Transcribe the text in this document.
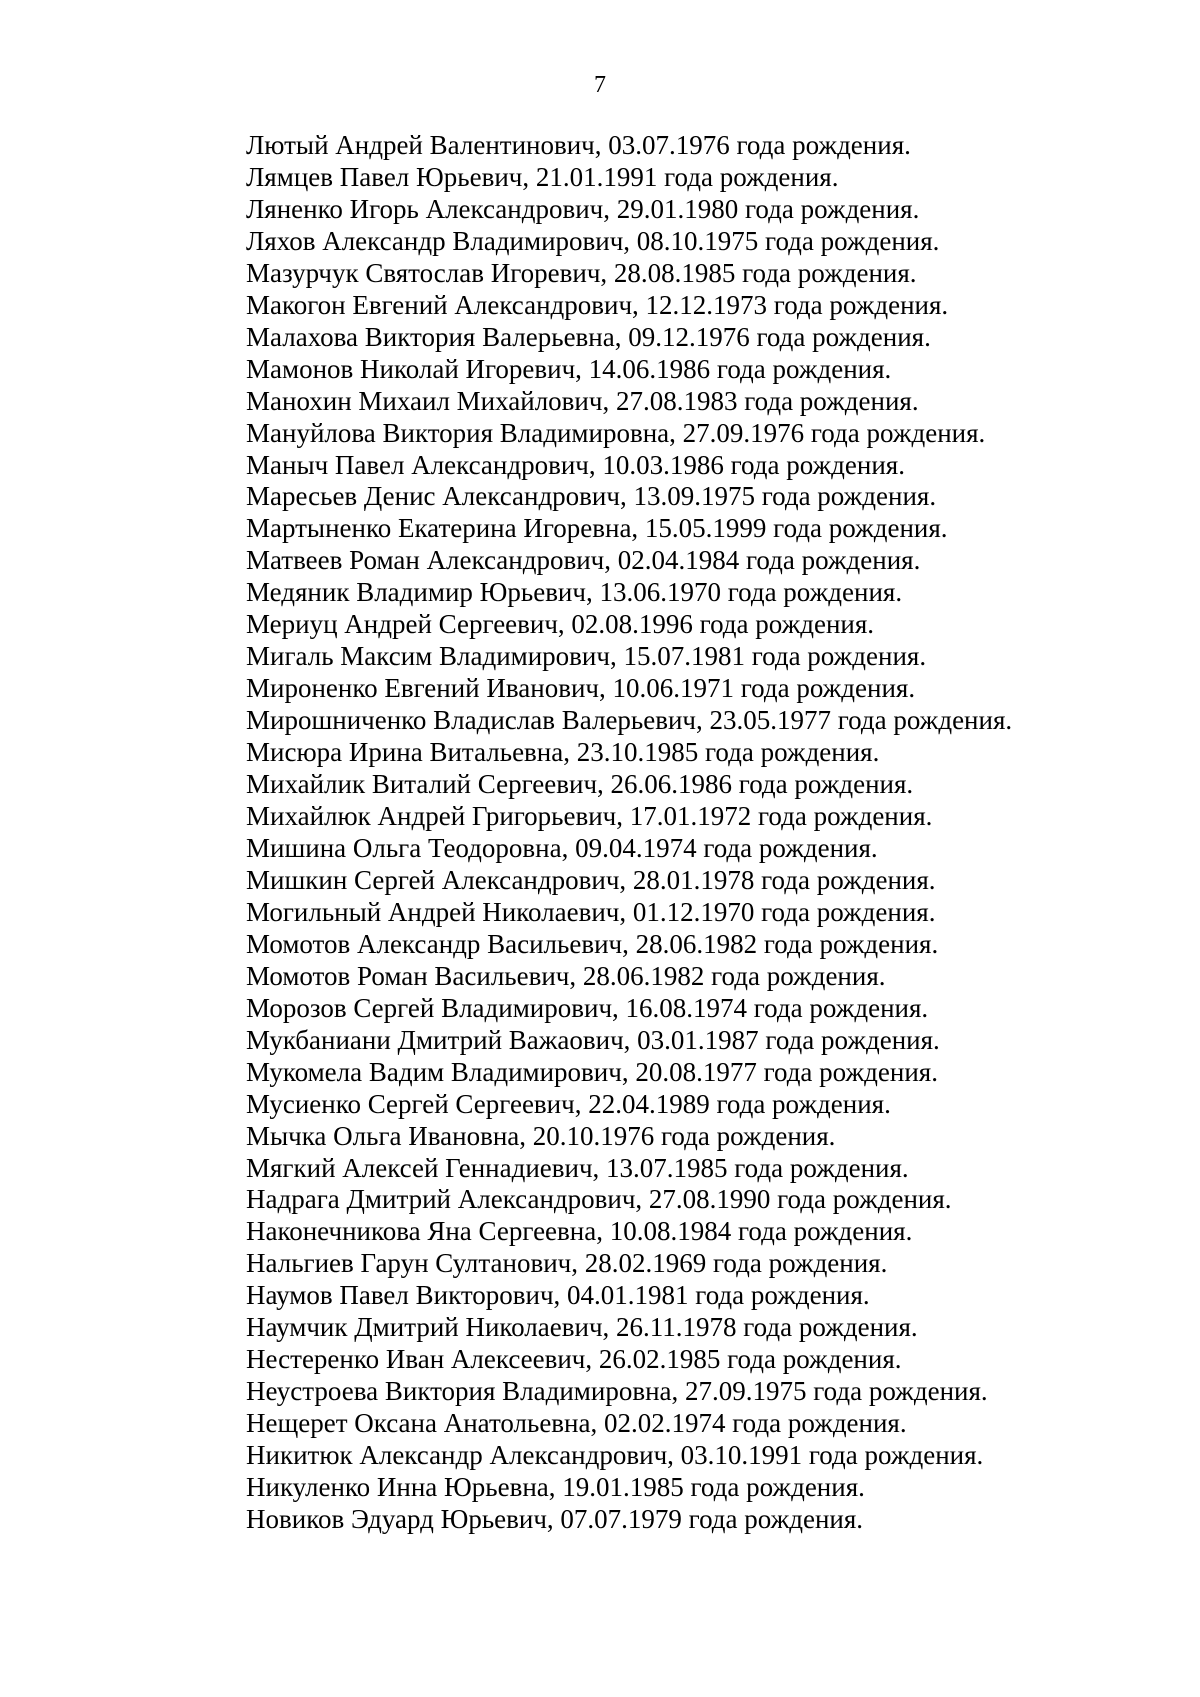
7
Лютый Андрей Валентинович, 03.07.1976 года рождения.
Лямцев Павел Юрьевич, 21.01.1991 года рождения.
Ляненко Игорь Александрович, 29.01.1980 года рождения.
Ляхов Александр Владимирович, 08.10.1975 года рождения.
Мазурчук Святослав Игоревич, 28.08.1985 года рождения.
Макогон Евгений Александрович, 12.12.1973 года рождения.
Малахова Виктория Валерьевна, 09.12.1976 года рождения.
Мамонов Николай Игоревич, 14.06.1986 года рождения.
Манохин Михаил Михайлович, 27.08.1983 года рождения.
Мануйлова Виктория Владимировна, 27.09.1976 года рождения.
Маныч Павел Александрович, 10.03.1986 года рождения.
Маресьев Денис Александрович, 13.09.1975 года рождения.
Мартыненко Екатерина Игоревна, 15.05.1999 года рождения.
Матвеев Роман Александрович, 02.04.1984 года рождения.
Медяник Владимир Юрьевич, 13.06.1970 года рождения.
Мериуц Андрей Сергеевич, 02.08.1996 года рождения.
Мигаль Максим Владимирович, 15.07.1981 года рождения.
Мироненко Евгений Иванович, 10.06.1971 года рождения.
Мирошниченко Владислав Валерьевич, 23.05.1977 года рождения.
Мисюра Ирина Витальевна, 23.10.1985 года рождения.
Михайлик Виталий Сергеевич, 26.06.1986 года рождения.
Михайлюк Андрей Григорьевич, 17.01.1972 года рождения.
Мишина Ольга Теодоровна, 09.04.1974 года рождения.
Мишкин Сергей Александрович, 28.01.1978 года рождения.
Могильный Андрей Николаевич, 01.12.1970 года рождения.
Момотов Александр Васильевич, 28.06.1982 года рождения.
Момотов Роман Васильевич, 28.06.1982 года рождения.
Морозов Сергей Владимирович, 16.08.1974 года рождения.
Мукбаниани Дмитрий Важаович, 03.01.1987 года рождения.
Мукомела Вадим Владимирович, 20.08.1977 года рождения.
Мусиенко Сергей Сергеевич, 22.04.1989 года рождения.
Мычка Ольга Ивановна, 20.10.1976 года рождения.
Мягкий Алексей Геннадиевич, 13.07.1985 года рождения.
Надрага Дмитрий Александрович, 27.08.1990 года рождения.
Наконечникова Яна Сергеевна, 10.08.1984 года рождения.
Нальгиев Гарун Султанович, 28.02.1969 года рождения.
Наумов Павел Викторович, 04.01.1981 года рождения.
Наумчик Дмитрий Николаевич, 26.11.1978 года рождения.
Нестеренко Иван Алексеевич, 26.02.1985 года рождения.
Неустроева Виктория Владимировна, 27.09.1975 года рождения.
Нещерет Оксана Анатольевна, 02.02.1974 года рождения.
Никитюк Александр Александрович, 03.10.1991 года рождения.
Никуленко Инна Юрьевна, 19.01.1985 года рождения.
Новиков Эдуард Юрьевич, 07.07.1979 года рождения.
